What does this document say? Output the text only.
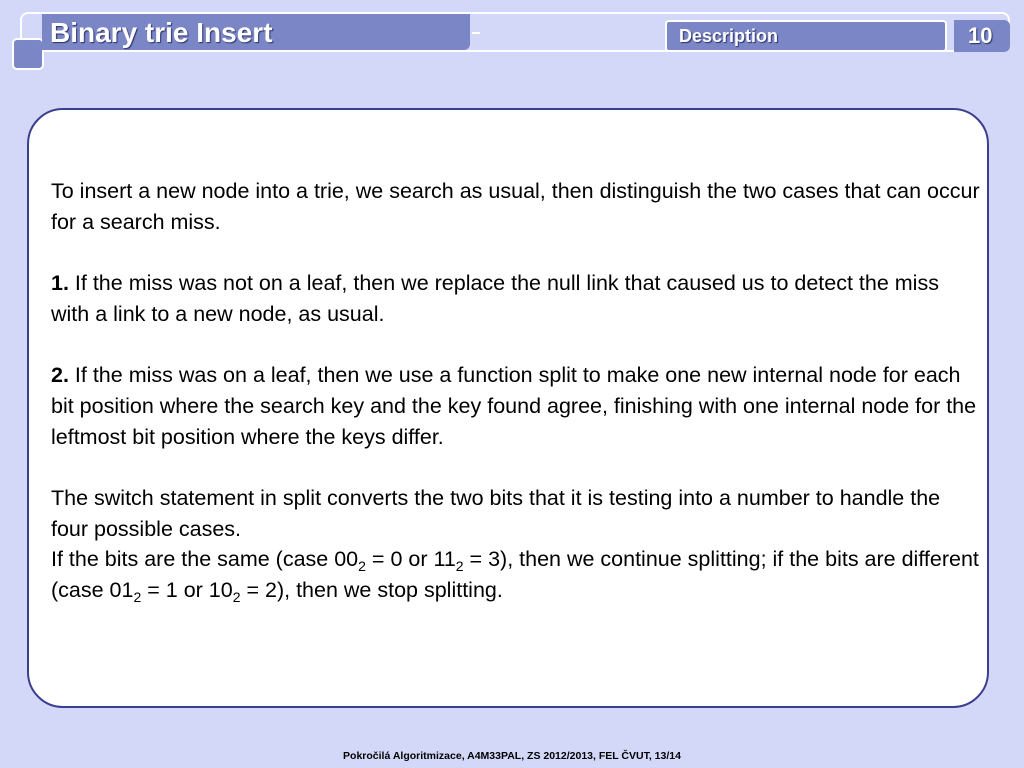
Binary trie Insert	Description	10

To insert a new node into a trie, we search as usual, then distinguish the two cases that can occur for a search miss.

1. If the miss was not on a leaf, then we replace the null link that caused us to detect the miss with a link to a new node, as usual.

2. If the miss was on a leaf, then we use a function split to make one new internal node for each bit position where the search key and the key found agree, finishing with one internal node for the leftmost bit position where the keys differ.

The switch statement in split converts the two bits that it is testing into a number to handle the four possible cases.

If the bits are the same (case $00_2 = 0$ or $11_2 = 3$), then we continue splitting; if the bits are different (case $01_2 = 1$ or $10_2 = 2$), then we stop splitting.

Pokročilá Algoritmizace, A4M33PAL, ZS 2012/2013, FEL ČVUT, 13/14
